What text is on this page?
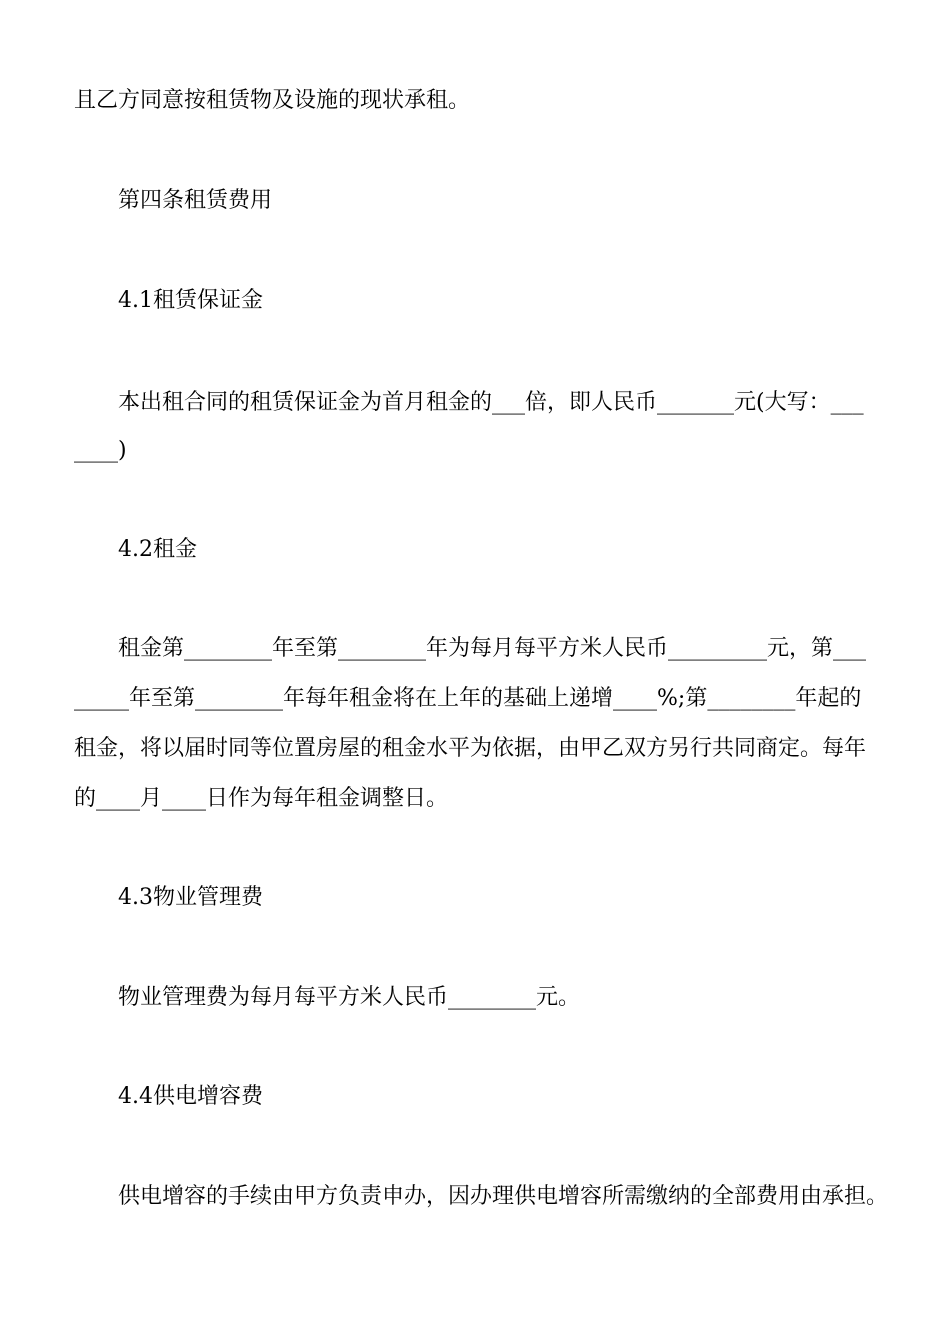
且乙方同意按租赁物及设施的现状承租。
第四条租赁费用
4.1租赁保证金
本出租合同的租赁保证金为首月租金的___倍，即人民币_______元(大写：___
____)
4.2租金
租金第________年至第________年为每月每平方米人民币_________元，第___
_____年至第________年每年租金将在上年的基础上递增____%;第________年起的
租金，将以届时同等位置房屋的租金水平为依据，由甲乙双方另行共同商定。每年
的____月____日作为每年租金调整日。
4.3物业管理费
物业管理费为每月每平方米人民币________元。
4.4供电增容费
供电增容的手续由甲方负责申办，因办理供电增容所需缴纳的全部费用由承担。
